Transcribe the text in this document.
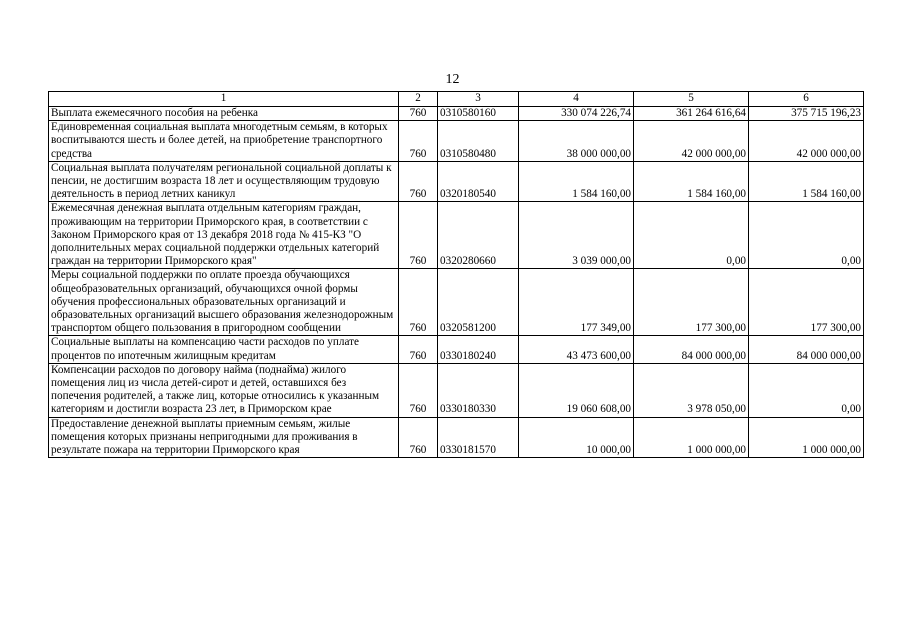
12
1	2	3	4	5	6
Выплата ежемесячного пособия на ребенка	760	0310580160	330 074 226,74	361 264 616,64	375 715 196,23
Единовременная социальная выплата многодетным семьям, в которых воспитываются шесть и более детей, на приобретение транспортного средства	760	0310580480	38 000 000,00	42 000 000,00	42 000 000,00
Социальная выплата получателям региональной социальной доплаты к пенсии, не достигшим возраста 18 лет и осуществляющим трудовую деятельность в период летних каникул	760	0320180540	1 584 160,00	1 584 160,00	1 584 160,00
Ежемесячная денежная выплата отдельным категориям граждан, проживающим на территории Приморского края, в соответствии с Законом Приморского края от 13 декабря 2018 года № 415-КЗ "О дополнительных мерах социальной поддержки отдельных категорий граждан на территории Приморского края"	760	0320280660	3 039 000,00	0,00	0,00
Меры социальной поддержки по оплате проезда обучающихся общеобразовательных организаций, обучающихся очной формы обучения профессиональных образовательных организаций и образовательных организаций высшего образования железнодорожным транспортом общего пользования в пригородном сообщении	760	0320581200	177 349,00	177 300,00	177 300,00
Социальные выплаты на компенсацию части расходов по уплате процентов по ипотечным жилищным кредитам	760	0330180240	43 473 600,00	84 000 000,00	84 000 000,00
Компенсации расходов по договору найма (поднайма) жилого помещения лиц из числа детей-сирот и детей, оставшихся без попечения родителей, а также лиц, которые относились к указанным категориям и достигли возраста 23 лет, в Приморском крае	760	0330180330	19 060 608,00	3 978 050,00	0,00
Предоставление денежной выплаты приемным семьям, жилые помещения которых признаны непригодными для проживания в результате пожара на территории Приморского края	760	0330181570	10 000,00	1 000 000,00	1 000 000,00
